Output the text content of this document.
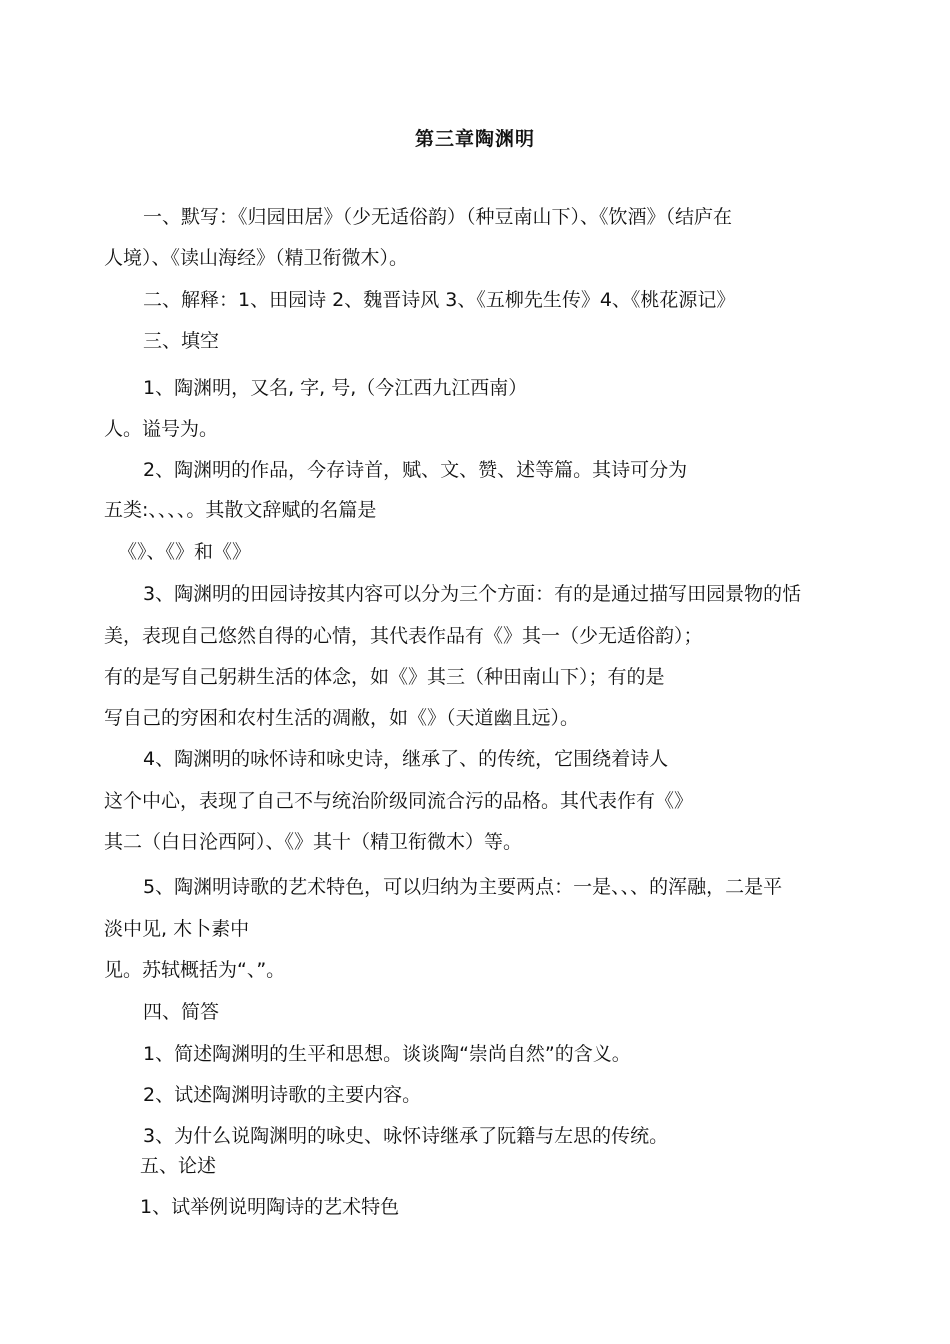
第三章陶渊明
一、默写：《归园田居》（少无适俗韵）（种豆南山下）、《饮酒》（结庐在
人境）、《读山海经》（精卫衔微木）。
二、解释：1、田园诗 2、魏晋诗风 3、《五柳先生传》4、《桃花源记》
三、填空
1、陶渊明，又名, 字, 号,（今江西九江西南）
人。谥号为。
2、陶渊明的作品，今存诗首，赋、文、赞、述等篇。其诗可分为
五类:、、、、。其散文辞赋的名篇是
《》、《》和《》
3、陶渊明的田园诗按其内容可以分为三个方面：有的是通过描写田园景物的恬
美，表现自己悠然自得的心情，其代表作品有《》其一（少无适俗韵）；
有的是写自己躬耕生活的体念，如《》其三（种田南山下）；有的是
写自己的穷困和农村生活的凋敝，如《》（天道幽且远）。
4、陶渊明的咏怀诗和咏史诗，继承了、的传统，它围绕着诗人
这个中心，表现了自己不与统治阶级同流合污的品格。其代表作有《》
其二（白日沦西阿）、《》其十（精卫衔微木）等。
5、陶渊明诗歌的艺术特色，可以归纳为主要两点：一是、、、的浑融，二是平
淡中见, 木卜素中
见。苏轼概括为“、”。
四、简答
1、简述陶渊明的生平和思想。谈谈陶“崇尚自然”的含义。
2、试述陶渊明诗歌的主要内容。
3、为什么说陶渊明的咏史、咏怀诗继承了阮籍与左思的传统。
五、论述
1、试举例说明陶诗的艺术特色
